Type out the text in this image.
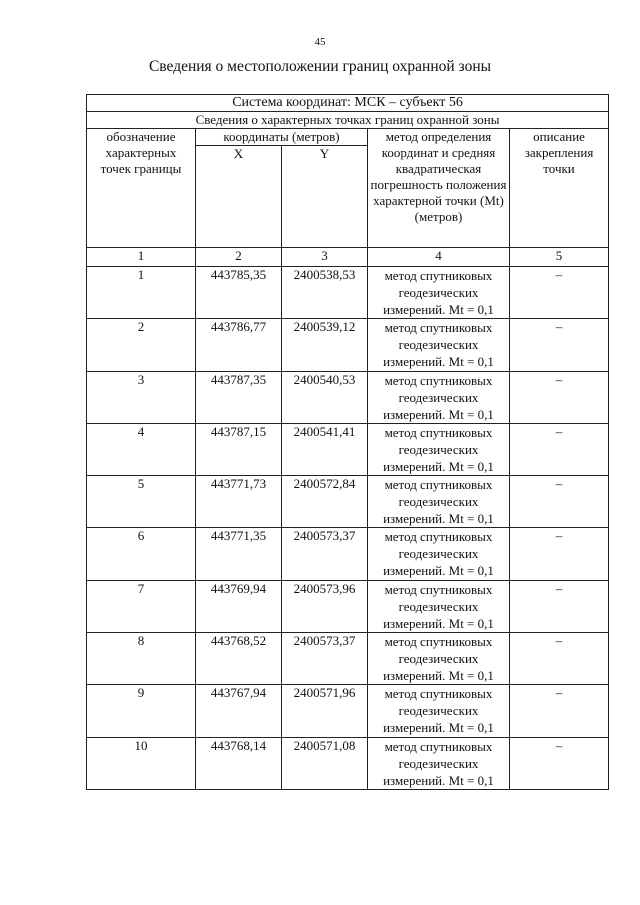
45
Сведения о местоположении границ охранной зоны
Система координат: МСК – субъект 56				
Сведения о характерных точках границ охранной зоны				
обозначение характерных точек границы	координаты (метров)		метод определения координат и средняя квадратическая погрешность положения характерной точки (Mt) (метров)	описание закрепления точки
	X	Y		
1	2	3	4	5
1	443785,35	2400538,53	метод спутниковых геодезических измерений. Mt = 0,1	–
2	443786,77	2400539,12	метод спутниковых геодезических измерений. Mt = 0,1	–
3	443787,35	2400540,53	метод спутниковых геодезических измерений. Mt = 0,1	–
4	443787,15	2400541,41	метод спутниковых геодезических измерений. Mt = 0,1	–
5	443771,73	2400572,84	метод спутниковых геодезических измерений. Mt = 0,1	–
6	443771,35	2400573,37	метод спутниковых геодезических измерений. Mt = 0,1	–
7	443769,94	2400573,96	метод спутниковых геодезических измерений. Mt = 0,1	–
8	443768,52	2400573,37	метод спутниковых геодезических измерений. Mt = 0,1	–
9	443767,94	2400571,96	метод спутниковых геодезических измерений. Mt = 0,1	–
10	443768,14	2400571,08	метод спутниковых геодезических измерений. Mt = 0,1	–
